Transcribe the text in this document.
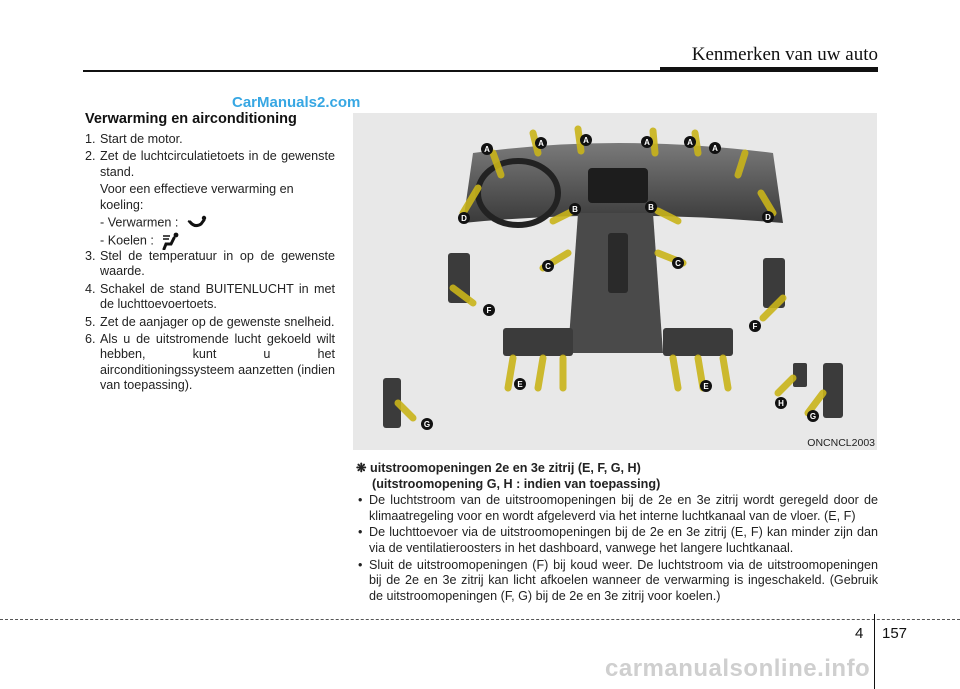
Kenmerken van uw auto
CarManuals2.com
Verwarming en airconditioning
1. Start de motor.
2. Zet de luchtcirculatietoets in de gewenste stand.
Voor een effectieve verwarming en koeling:
- Verwarmen :
- Koelen :
3. Stel de temperatuur in op de gewenste waarde.
4. Schakel de stand BUITENLUCHT in met de luchttoevoertoets.
5. Zet de aanjager op de gewenste snelheid.
6. Als u de uitstromende lucht gekoeld wilt hebben, kunt u het airconditioningssysteem aanzetten (indien van toepassing).
A
A	A	A	A
A
B	B
C	C
D	D
E	E
F
F
G
G
H
ONCNCL2003
❋ uitstroomopeningen 2e en 3e zitrij (E, F, G, H)
(uitstroomopening G, H : indien van toepassing)
• De luchtstroom van de uitstroomopeningen bij de 2e en 3e zitrij wordt geregeld door de klimaatregeling voor en wordt afgeleverd via het interne luchtkanaal van de vloer. (E, F)
• De luchttoevoer via de uitstroomopeningen bij de 2e en 3e zitrij (E, F) kan minder zijn dan via de ventilatieroosters in het dashboard, vanwege het langere luchtkanaal.
• Sluit de uitstroomopeningen (F) bij koud weer. De luchtstroom via de uitstroomopeningen bij de 2e en 3e zitrij kan licht afkoelen wanneer de verwarming is ingeschakeld. (Gebruik de uitstroomopeningen (F, G) bij de 2e en 3e zitrij voor koelen.)
4 157
carmanualsonline.info
